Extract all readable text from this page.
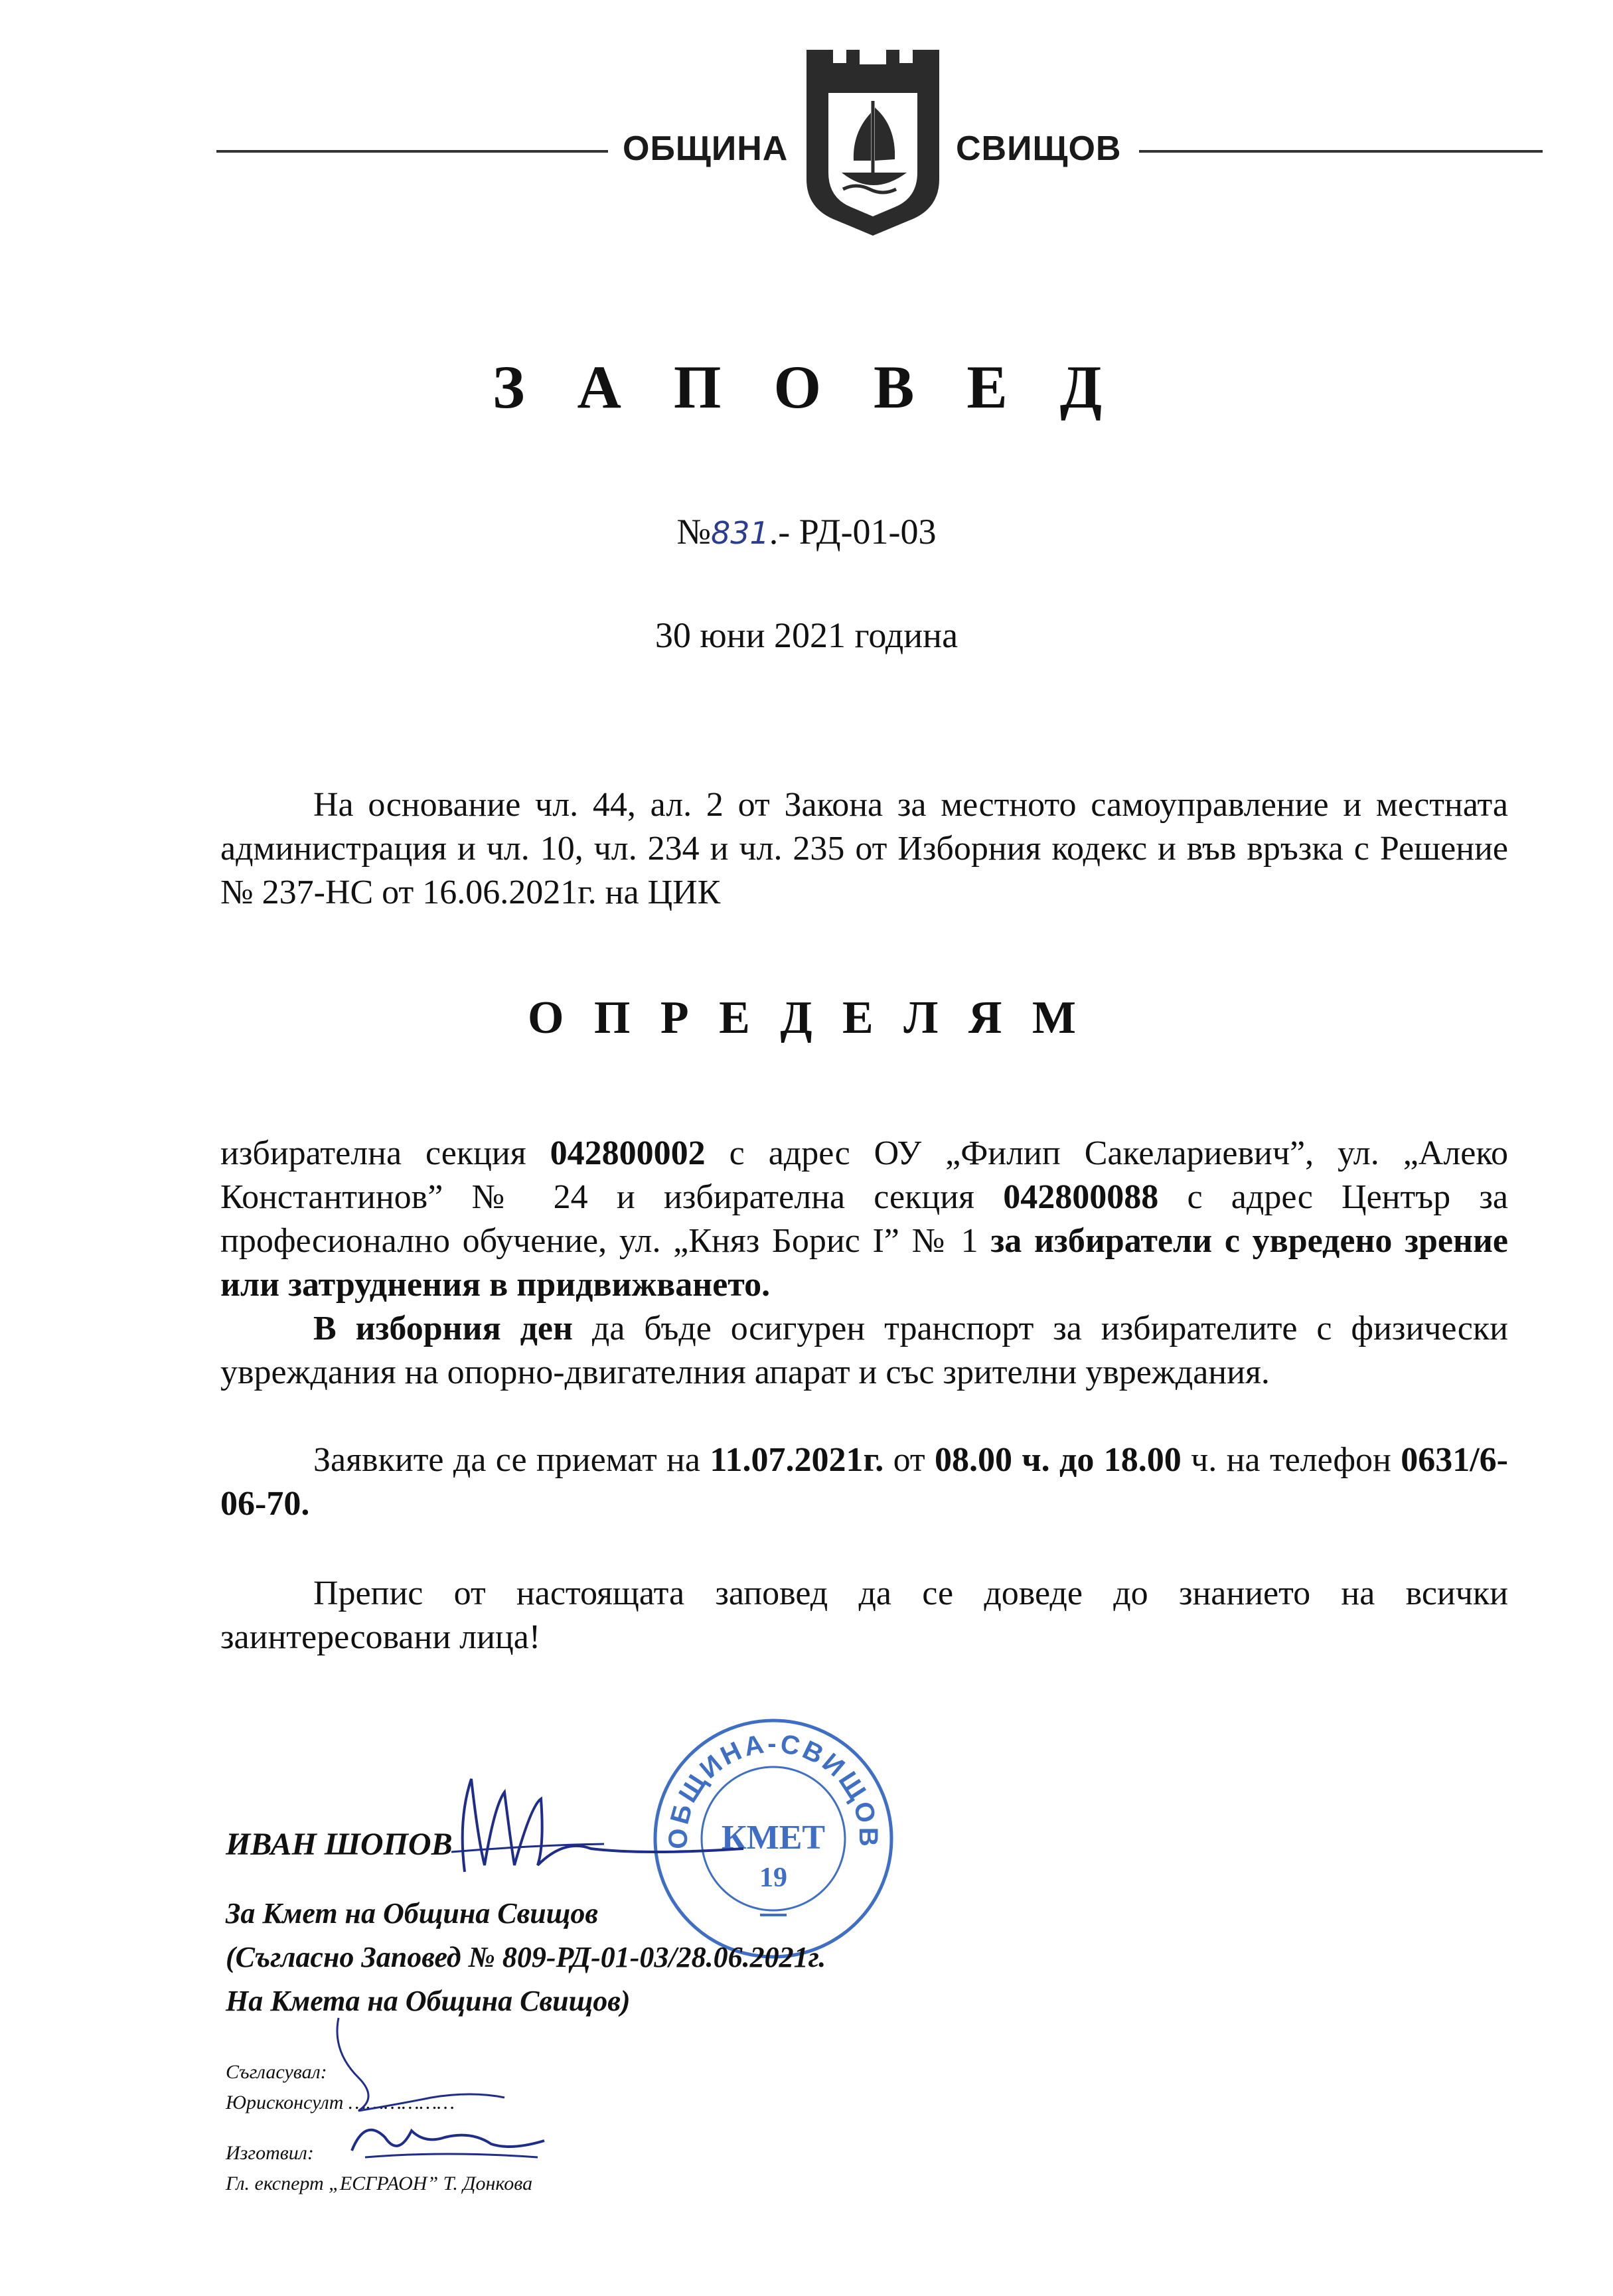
ОБЩИНА	СВИЩОВ
З А П О В Е Д
№831.- РД-01-03
30 юни 2021 година
На основание чл. 44, ал. 2 от Закона за местното самоуправление и местната администрация и чл. 10, чл. 234 и чл. 235 от Изборния кодекс и във връзка с Решение № 237-НС от 16.06.2021г. на ЦИК
О П Р Е Д Е Л Я М
избирателна секция 042800002 с адрес ОУ „Филип Сакелариевич”, ул. „Алеко Константинов” № 24 и избирателна секция 042800088 с адрес Център за професионално обучение, ул. „Княз Борис I” № 1 за избиратели с увредено зрение или затруднения в придвижването.
В изборния ден да бъде осигурен транспорт за избирателите с физически увреждания на опорно-двигателния апарат и със зрителни увреждания.
Заявките да се приемат на 11.07.2021г. от 08.00 ч. до 18.00 ч. на телефон 0631/6-06-70.
Препис от настоящата заповед да се доведе до знанието на всички заинтересовани лица!
ОБЩИНА-СВИЩОВ
КМЕТ
19
ИВАН ШОПОВ
За Кмет на Община Свищов
(Съгласно Заповед № 809-РД-01-03/28.06.2021г.
На Кмета на Община Свищов)
Съгласувал:
Юрисконсулт ………………
Изготвил:
Гл. експерт „ЕСГРАОН” Т. Донкова
